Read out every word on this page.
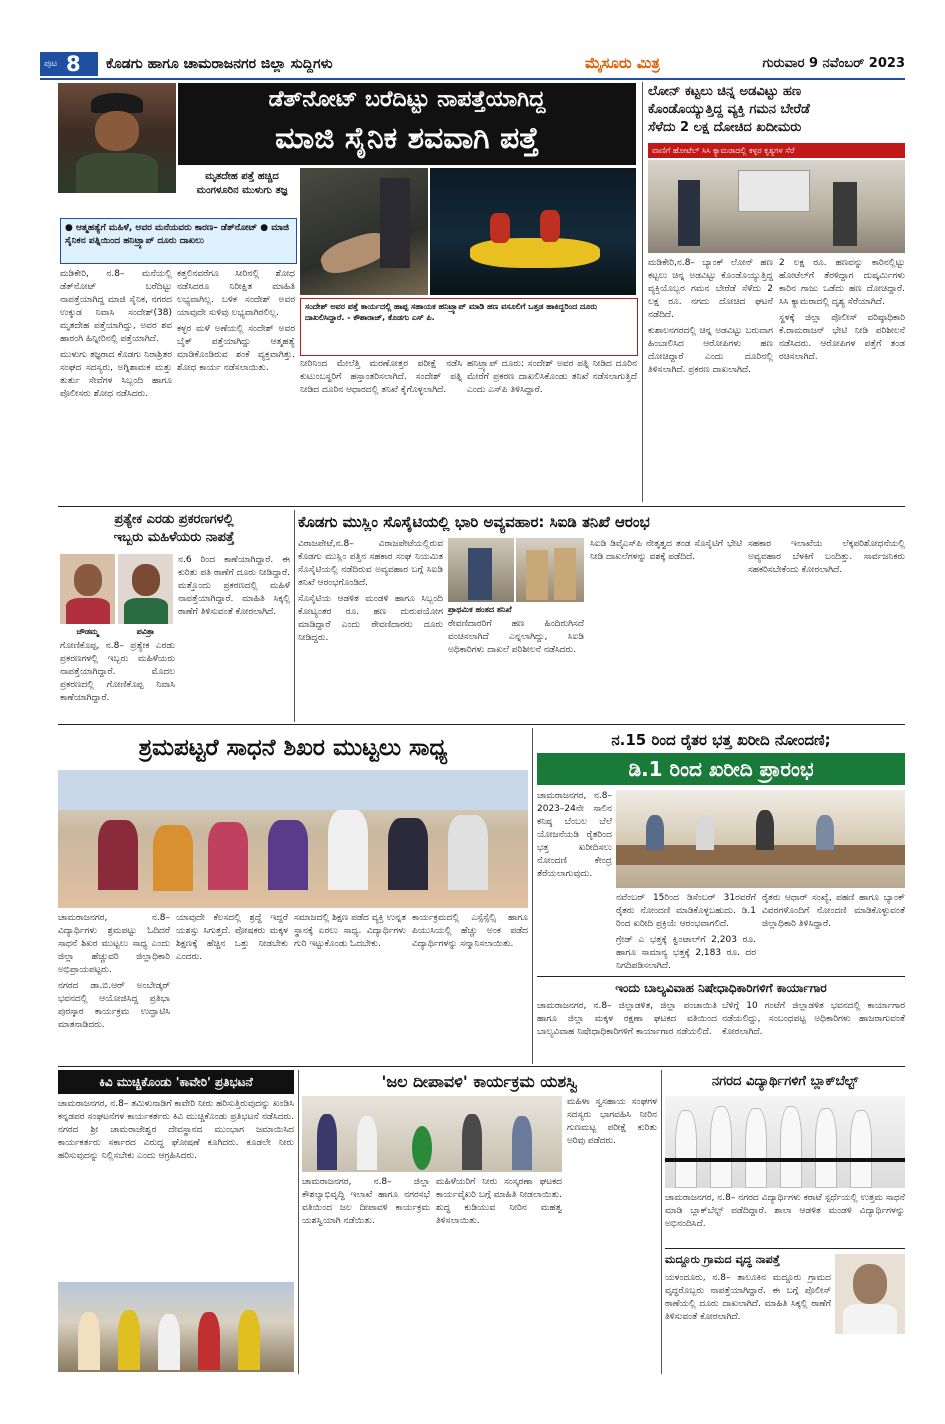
ಪುಟ 8 ಕೊಡಗು ಹಾಗೂ ಚಾಮರಾಜನಗರ ಜಿಲ್ಲಾ ಸುದ್ದಿಗಳು	ಮೈಸೂರು ಮಿತ್ರ	ಗುರುವಾರ 9 ನವೆಂಬರ್ 2023
ಡೆತ್‌ನೋಟ್ ಬರೆದಿಟ್ಟು ನಾಪತ್ತೆಯಾಗಿದ್ದ
ಮಾಜಿ ಸೈನಿಕ ಶವವಾಗಿ ಪತ್ತೆ
ಮೃತದೇಹ ಪತ್ತೆ ಹಚ್ಚಿದ ಮಂಗಳೂರಿನ ಮುಳುಗು ತಜ್ಞ
● ಆತ್ಮಹತ್ಯೆಗೆ ಮಹಿಳೆ, ಅವರ ಮನೆಯವರು ಕಾರಣ– ಡೆತ್‌ನೋಟ್ ● ಮಾಜಿ ಸೈನಿಕನ ಪತ್ನಿಯಿಂದ ಹನಿಟ್ರ್ಯಾಪ್ ದೂರು ದಾಖಲು
ಸಂದೇಶ್ ಅವರ ಪತ್ತೆ ಕಾರ್ಯದಲ್ಲಿ ಹಾಪ್ಪ ಸಹಾಯಕ ಹನಿಟ್ರ್ಯಾಪ್ ಮಾಡಿ ಹಣ ವಸೂಲಿಗೆ ಒತ್ತಡ ಹಾಕಿದ್ದರಿಂದ ದೂರು ದಾಖಲಿಸಿದ್ದಾರೆ. - ಕೌಶಾರಾಜ್, ಕೊಡಗು ಎಸ್ ಪಿ.

ಮಡಿಕೇರಿ, ನ.8– ಮನೆಯಲ್ಲಿ ಡೆತ್‌ನೋಟ್ ಬರೆದಿಟ್ಟು ನಾಪತ್ತೆಯಾಗಿದ್ದ ಮಾಜಿ ಸೈನಿಕ, ನಗರದ ಉಕ್ಕುಡ ನಿವಾಸಿ ಸಂದೇಶ್(38) ಮೃತದೇಹ ಪತ್ತೆಯಾಗಿದ್ದು, ಅವರ ಶವ ಹಾರಂಗಿ ಹಿನ್ನೀರಿನಲ್ಲಿ ಪತ್ತೆಯಾಗಿದೆ.

ಮುಳುಗು ತಜ್ಞರಾದ ಕೊಡಗು ನಿರಾಶ್ರಿತರ ಸಂಘದ ಸದಸ್ಯರು, ಅಗ್ನಿಶಾಮಕ ಮತ್ತು ತುರ್ತು ಸೇವೆಗಳ ಸಿಬ್ಬಂದಿ ಹಾಗೂ ಪೊಲೀಸರು ಶೋಧ ನಡೆಸಿದರು.

ಕತ್ತಲಿನವರೆಗೂ ಸೀರಿನಲ್ಲಿ ಶೋಧ ನಡೆಸಿದರೂ ನಿರೀಕ್ಷಿತ ಮಾಹಿತಿ ಲಭ್ಯವಾಗಿಲ್ಲ. ಬಳಿಕ ಸಂದೇಶ್ ಅವರ ಯಾವುದೇ ಸುಳಿವು ಲಭ್ಯವಾಗಿರಲಿಲ್ಲ.

ಕಳ್ಳರ ಮಳೆ ಅಣೆಯಲ್ಲಿ ಸಂದೇಶ್ ಅವರ ಬೈಕ್ ಪತ್ತೆಯಾಗಿದ್ದು ಆತ್ಮಹತ್ಯೆ ಮಾಡಿಕೊಂಡಿರುವ ಶಂಕೆ ವ್ಯಕ್ತವಾಗಿತ್ತು. ಶೋಧ ಕಾರ್ಯ ನಡೆಸಲಾಯಿತು.	ನೀರಿನಿಂದ ಮೇಲೆತ್ತಿ ಮರಣೋತ್ತರ ಪರೀಕ್ಷೆ ನಡೆಸಿ ಕುಟುಂಬಸ್ಥರಿಗೆ ಹಸ್ತಾಂತರಿಸಲಾಗಿದೆ. ಸಂದೇಶ್ ಪತ್ನಿ ನೀಡಿದ ದೂರಿನ ಆಧಾರದಲ್ಲಿ ತನಿಖೆ ಕೈಗೊಳ್ಳಲಾಗಿದೆ.

ಹನಿಟ್ರ್ಯಾಪ್ ದೂರು: ಸಂದೇಶ್ ಅವರ ಪತ್ನಿ ನೀಡಿದ ದೂರಿನ ಮೇರೆಗೆ ಪ್ರಕರಣ ದಾಖಲಿಸಿಕೊಂಡು ತನಿಖೆ ನಡೆಸಲಾಗುತ್ತಿದೆ ಎಂದು ಎಸ್‌ಪಿ ತಿಳಿಸಿದ್ದಾರೆ.

ಲೋನ್ ಕಟ್ಟಲು ಚಿನ್ನ ಅಡವಿಟ್ಟು ಹಣ
ಕೊಂಡೊಯ್ಯುತ್ತಿದ್ದ ವ್ಯಕ್ತಿ ಗಮನ ಬೇರೆಡೆ
ಸೆಳೆದು 2 ಲಕ್ಷ ದೋಚಿದ ಖದೀಮರು
ವಾಣಿಗೆ ಹೋಟೆಲ್ ಸಿಸಿ ಕ್ಯಾಮರಾದಲ್ಲಿ ಕಳ್ಳರ ಕೃತ್ಯಗಳ ಸೆರೆ

ಮಡಿಕೇರಿ,ನ.8– ಬ್ಯಾಂಕ್ ಲೋನ್ ಹಣ ಕಟ್ಟಲು ಚಿನ್ನ ಅಡವಿಟ್ಟು ಕೊಂಡೊಯ್ಯುತ್ತಿದ್ದ ವ್ಯಕ್ತಿಯೊಬ್ಬರ ಗಮನ ಬೇರೆಡೆ ಸೆಳೆದು 2 ಲಕ್ಷ ರೂ. ನಗದು ದೋಚಿದ ಘಟನೆ ನಡೆದಿದೆ.

ಕುಶಾಲನಗರದಲ್ಲಿ ಚಿನ್ನ ಅಡವಿಟ್ಟು ಬರುವಾಗ ಹಿಂಬಾಲಿಸಿದ ಆರೋಪಿಗಳು ಹಣ ದೋಚಿದ್ದಾರೆ ಎಂದು ದೂರಿನಲ್ಲಿ ತಿಳಿಸಲಾಗಿದೆ. ಪ್ರಕರಣ ದಾಖಲಾಗಿದೆ.

2 ಲಕ್ಷ ರೂ. ಹಣವನ್ನು ಕಾರಿನಲ್ಲಿಟ್ಟು ಹೋಟೆಲ್‌ಗೆ ತೆರಳಿದ್ದಾಗ ದುಷ್ಕರ್ಮಿಗಳು ಕಾರಿನ ಗಾಜು ಒಡೆದು ಹಣ ದೋಚಿದ್ದಾರೆ. ಸಿಸಿ ಕ್ಯಾಮರಾದಲ್ಲಿ ದೃಶ್ಯ ಸೆರೆಯಾಗಿದೆ.

ಸ್ಥಳಕ್ಕೆ ಜಿಲ್ಲಾ ಪೊಲೀಸ್ ವರಿಷ್ಠಾಧಿಕಾರಿ ಕೆ.ರಾಮರಾಜನ್ ಭೇಟಿ ನೀಡಿ ಪರಿಶೀಲನೆ ನಡೆಸಿದರು. ಆರೋಪಿಗಳ ಪತ್ತೆಗೆ ತಂಡ ರಚಿಸಲಾಗಿದೆ.

ಪ್ರತ್ಯೇಕ ಎರಡು ಪ್ರಕರಣಗಳಲ್ಲಿ
ಇಬ್ಬರು ಮಹಿಳೆಯರು ನಾಪತ್ತೆ
ಚೌಡಮ್ಮ	ಪವಿತ್ರಾ

ಗೋಣಿಕೊಪ್ಪ, ನ.8– ಪ್ರತ್ಯೇಕ ಎರಡು ಪ್ರಕರಣಗಳಲ್ಲಿ ಇಬ್ಬರು ಮಹಿಳೆಯರು ನಾಪತ್ತೆಯಾಗಿದ್ದಾರೆ. ಮೊದಲ ಪ್ರಕರಣದಲ್ಲಿ ಗೋಣಿಕೊಪ್ಪ ನಿವಾಸಿ ಕಾಣೆಯಾಗಿದ್ದಾರೆ.

ನ.6 ರಿಂದ ಕಾಣೆಯಾಗಿದ್ದಾರೆ. ಈ ಕುರಿತು ಪತಿ ಠಾಣೆಗೆ ದೂರು ನೀಡಿದ್ದಾರೆ. ಮತ್ತೊಂದು ಪ್ರಕರಣದಲ್ಲಿ ಮಹಿಳೆ ನಾಪತ್ತೆಯಾಗಿದ್ದಾರೆ. ಮಾಹಿತಿ ಸಿಕ್ಕಲ್ಲಿ ಠಾಣೆಗೆ ತಿಳಿಸುವಂತೆ ಕೋರಲಾಗಿದೆ.

ಕೊಡಗು ಮುಸ್ಲಿಂ ಸೊಸೈಟಿಯಲ್ಲಿ ಭಾರಿ ಅವ್ಯವಹಾರ: ಸಿಐಡಿ ತನಿಖೆ ಆರಂಭ

ವಿರಾಜಪೇಟೆ,ನ.8– ವಿರಾಜಪೇಟೆಯಲ್ಲಿರುವ ಕೊಡಗು ಮುಸ್ಲಿಂ ಪತ್ತಿನ ಸಹಕಾರ ಸಂಘ ನಿಯಮಿತ ಸೊಸೈಟಿಯಲ್ಲಿ ನಡೆದಿರುವ ಅವ್ಯವಹಾರ ಬಗ್ಗೆ ಸಿಐಡಿ ತನಿಖೆ ಆರಂಭಗೊಂಡಿದೆ.

ಸೊಸೈಟಿಯ ಆಡಳಿತ ಮಂಡಳಿ ಹಾಗೂ ಸಿಬ್ಬಂದಿ ಕೋಟ್ಯಂತರ ರೂ. ಹಣ ದುರುಪಯೋಗ ಮಾಡಿದ್ದಾರೆ ಎಂದು ಠೇವಣಿದಾರರು ದೂರು ನೀಡಿದ್ದರು.

ಪ್ರಾಥಮಿಕ ಹಂತದ ತನಿಖೆ

ಠೇವಣಿದಾರರಿಗೆ ಹಣ ಹಿಂದಿರುಗಿಸದೆ ವಂಚಿಸಲಾಗಿದೆ ಎನ್ನಲಾಗಿದ್ದು, ಸಿಐಡಿ ಅಧಿಕಾರಿಗಳು ದಾಖಲೆ ಪರಿಶೀಲನೆ ನಡೆಸಿದರು.

ಸಿಐಡಿ ಡಿವೈಎಸ್‌ಪಿ ನೇತೃತ್ವದ ತಂಡ ಸೊಸೈಟಿಗೆ ಭೇಟಿ ನೀಡಿ ದಾಖಲೆಗಳನ್ನು ವಶಕ್ಕೆ ಪಡೆದಿದೆ.

ಸಹಕಾರ ಇಲಾಖೆಯ ಲೆಕ್ಕಪರಿಶೋಧನೆಯಲ್ಲಿ ಅವ್ಯವಹಾರ ಬೆಳಕಿಗೆ ಬಂದಿತ್ತು. ಸಾರ್ವಜನಿಕರು ಸಹಕರಿಸಬೇಕೆಂದು ಕೋರಲಾಗಿದೆ.

ಶ್ರಮಪಟ್ಟರೆ ಸಾಧನೆ ಶಿಖರ ಮುಟ್ಟಲು ಸಾಧ್ಯ

ಚಾಮರಾಜನಗರ, ನ.8– ವಿದ್ಯಾರ್ಥಿಗಳು ಶ್ರಮಪಟ್ಟು ಓದಿದರೆ ಸಾಧನೆ ಶಿಖರ ಮುಟ್ಟಲು ಸಾಧ್ಯ ಎಂದು ಜಿಲ್ಲಾ ಹೆಚ್ಚುವರಿ ಜಿಲ್ಲಾಧಿಕಾರಿ ಅಭಿಪ್ರಾಯಪಟ್ಟರು.

ನಗರದ ಡಾ.ಬಿ.ಆರ್ ಅಂಬೇಡ್ಕರ್ ಭವನದಲ್ಲಿ ಆಯೋಜಿಸಿದ್ದ ಪ್ರತಿಭಾ ಪುರಸ್ಕಾರ ಕಾರ್ಯಕ್ರಮ ಉದ್ಘಾಟಿಸಿ ಮಾತನಾಡಿದರು.

ಯಾವುದೇ ಕೆಲಸದಲ್ಲಿ ಶ್ರದ್ಧೆ ಇದ್ದರೆ ಯಶಸ್ಸು ಸಿಗುತ್ತದೆ. ಪೋಷಕರು ಮಕ್ಕಳ ಶಿಕ್ಷಣಕ್ಕೆ ಹೆಚ್ಚಿನ ಒತ್ತು ನೀಡಬೇಕು ಎಂದರು.

ಸಮಾಜದಲ್ಲಿ ಶಿಕ್ಷಣ ಪಡೆದ ವ್ಯಕ್ತಿ ಉನ್ನತ ಸ್ಥಾನಕ್ಕೆ ಏರಲು ಸಾಧ್ಯ. ವಿದ್ಯಾರ್ಥಿಗಳು ಗುರಿ ಇಟ್ಟುಕೊಂಡು ಓದಬೇಕು.

ಕಾರ್ಯಕ್ರಮದಲ್ಲಿ ಎಸ್ಸೆಸ್ಸೆಲ್ಸಿ ಹಾಗೂ ಪಿಯುಸಿಯಲ್ಲಿ ಹೆಚ್ಚು ಅಂಕ ಪಡೆದ ವಿದ್ಯಾರ್ಥಿಗಳನ್ನು ಸನ್ಮಾನಿಸಲಾಯಿತು.

ನ.15 ರಿಂದ ರೈತರ ಭತ್ತ ಖರೀದಿ ನೋಂದಣಿ;
ಡಿ.1 ರಿಂದ ಖರೀದಿ ಪ್ರಾರಂಭ

ಚಾಮರಾಜನಗರ, ನ.8– 2023–24ನೇ ಸಾಲಿನ ಕನಿಷ್ಠ ಬೆಂಬಲ ಬೆಲೆ ಯೋಜನೆಯಡಿ ರೈತರಿಂದ ಭತ್ತ ಖರೀದಿಸಲು ನೋಂದಣಿ ಕೇಂದ್ರ ತೆರೆಯಲಾಗುವುದು.

ನವೆಂಬರ್ 15ರಿಂದ ಡಿಸೆಂಬರ್ 31ರವರೆಗೆ ರೈತರು ನೋಂದಣಿ ಮಾಡಿಕೊಳ್ಳಬಹುದು. ಡಿ.1 ರಿಂದ ಖರೀದಿ ಪ್ರಕ್ರಿಯೆ ಆರಂಭವಾಗಲಿದೆ.

ಗ್ರೇಡ್ ಎ ಭತ್ತಕ್ಕೆ ಕ್ವಿಂಟಾಲ್‌ಗೆ 2,203 ರೂ. ಹಾಗೂ ಸಾಮಾನ್ಯ ಭತ್ತಕ್ಕೆ 2,183 ರೂ. ದರ ನಿಗದಿಪಡಿಸಲಾಗಿದೆ.

ರೈತರು ಆಧಾರ್ ಸಂಖ್ಯೆ, ಪಹಣಿ ಹಾಗೂ ಬ್ಯಾಂಕ್ ವಿವರಗಳೊಂದಿಗೆ ನೋಂದಣಿ ಮಾಡಿಕೊಳ್ಳುವಂತೆ ಜಿಲ್ಲಾಧಿಕಾರಿ ತಿಳಿಸಿದ್ದಾರೆ.

ಇಂದು ಬಾಲ್ಯವಿವಾಹ ನಿಷೇಧಾಧಿಕಾರಿಗಳಿಗೆ ಕಾರ್ಯಾಗಾರ

ಚಾಮರಾಜನಗರ, ನ.8– ಜಿಲ್ಲಾಡಳಿತ, ಜಿಲ್ಲಾ ಪಂಚಾಯಿತಿ ಹಾಗೂ ಜಿಲ್ಲಾ ಮಕ್ಕಳ ರಕ್ಷಣಾ ಘಟಕದ ವತಿಯಿಂದ ಬಾಲ್ಯವಿವಾಹ ನಿಷೇಧಾಧಿಕಾರಿಗಳಿಗೆ ಕಾರ್ಯಾಗಾರ ನಡೆಯಲಿದೆ.

ಬೆಳಿಗ್ಗೆ 10 ಗಂಟೆಗೆ ಜಿಲ್ಲಾಡಳಿತ ಭವನದಲ್ಲಿ ಕಾರ್ಯಾಗಾರ ನಡೆಯಲಿದ್ದು, ಸಂಬಂಧಪಟ್ಟ ಅಧಿಕಾರಿಗಳು ಹಾಜರಾಗುವಂತೆ ಕೋರಲಾಗಿದೆ.

ಕಿವಿ ಮುಚ್ಚಿಕೊಂಡು 'ಕಾವೇರಿ' ಪ್ರತಿಭಟನೆ

ಚಾಮರಾಜನಗರ, ನ.8– ತಮಿಳುನಾಡಿಗೆ ಕಾವೇರಿ ನೀರು ಹರಿಸುತ್ತಿರುವುದನ್ನು ಖಂಡಿಸಿ ಕನ್ನಡಪರ ಸಂಘಟನೆಗಳ ಕಾರ್ಯಕರ್ತರು ಕಿವಿ ಮುಚ್ಚಿಕೊಂಡು ಪ್ರತಿಭಟನೆ ನಡೆಸಿದರು. ನಗರದ ಶ್ರೀ ಚಾಮರಾಜೇಶ್ವರ ದೇವಸ್ಥಾನದ ಮುಂಭಾಗ ಜಮಾಯಿಸಿದ ಕಾರ್ಯಕರ್ತರು ಸರ್ಕಾರದ ವಿರುದ್ಧ ಘೋಷಣೆ ಕೂಗಿದರು. ಕೂಡಲೇ ನೀರು ಹರಿಸುವುದನ್ನು ನಿಲ್ಲಿಸಬೇಕು ಎಂದು ಆಗ್ರಹಿಸಿದರು.

'ಜಲ ದೀಪಾವಳಿ' ಕಾರ್ಯಕ್ರಮ ಯಶಸ್ವಿ

ಚಾಮರಾಜನಗರ, ನ.8– ಜಿಲ್ಲಾ ಕೌಶಲ್ಯಾಭಿವೃದ್ಧಿ ಇಲಾಖೆ ಹಾಗೂ ನಗರಸಭೆ ವತಿಯಿಂದ ಜಲ ದೀಪಾವಳಿ ಕಾರ್ಯಕ್ರಮ ಯಶಸ್ವಿಯಾಗಿ ನಡೆಯಿತು.

ಮಹಿಳೆಯರಿಗೆ ನೀರು ಸಂಸ್ಕರಣಾ ಘಟಕದ ಕಾರ್ಯವೈಖರಿ ಬಗ್ಗೆ ಮಾಹಿತಿ ನೀಡಲಾಯಿತು. ಶುದ್ಧ ಕುಡಿಯುವ ನೀರಿನ ಮಹತ್ವ ತಿಳಿಸಲಾಯಿತು.

ಮಹಿಳಾ ಸ್ವಸಹಾಯ ಸಂಘಗಳ ಸದಸ್ಯರು ಭಾಗವಹಿಸಿ ನೀರಿನ ಗುಣಮಟ್ಟ ಪರೀಕ್ಷೆ ಕುರಿತು ಅರಿವು ಪಡೆದರು.

ನಗರದ ವಿದ್ಯಾರ್ಥಿಗಳಿಗೆ ಬ್ಲಾಕ್‌ಬೆಲ್ಟ್

ಚಾಮರಾಜನಗರ, ನ.8– ನಗರದ ವಿದ್ಯಾರ್ಥಿಗಳು ಕರಾಟೆ ಸ್ಪರ್ಧೆಯಲ್ಲಿ ಉತ್ತಮ ಸಾಧನೆ ಮಾಡಿ ಬ್ಲಾಕ್‌ಬೆಲ್ಟ್ ಪಡೆದಿದ್ದಾರೆ. ಶಾಲಾ ಆಡಳಿತ ಮಂಡಳಿ ವಿದ್ಯಾರ್ಥಿಗಳನ್ನು ಅಭಿನಂದಿಸಿದೆ.

ಮದ್ದೂರು ಗ್ರಾಮದ ವೃದ್ಧ ನಾಪತ್ತೆ

ಯಳಂದೂರು, ನ.8– ತಾಲೂಕಿನ ಮದ್ದೂರು ಗ್ರಾಮದ ವೃದ್ಧರೊಬ್ಬರು ನಾಪತ್ತೆಯಾಗಿದ್ದಾರೆ. ಈ ಬಗ್ಗೆ ಪೊಲೀಸ್ ಠಾಣೆಯಲ್ಲಿ ದೂರು ದಾಖಲಾಗಿದೆ. ಮಾಹಿತಿ ಸಿಕ್ಕಲ್ಲಿ ಠಾಣೆಗೆ ತಿಳಿಸುವಂತೆ ಕೋರಲಾಗಿದೆ.
